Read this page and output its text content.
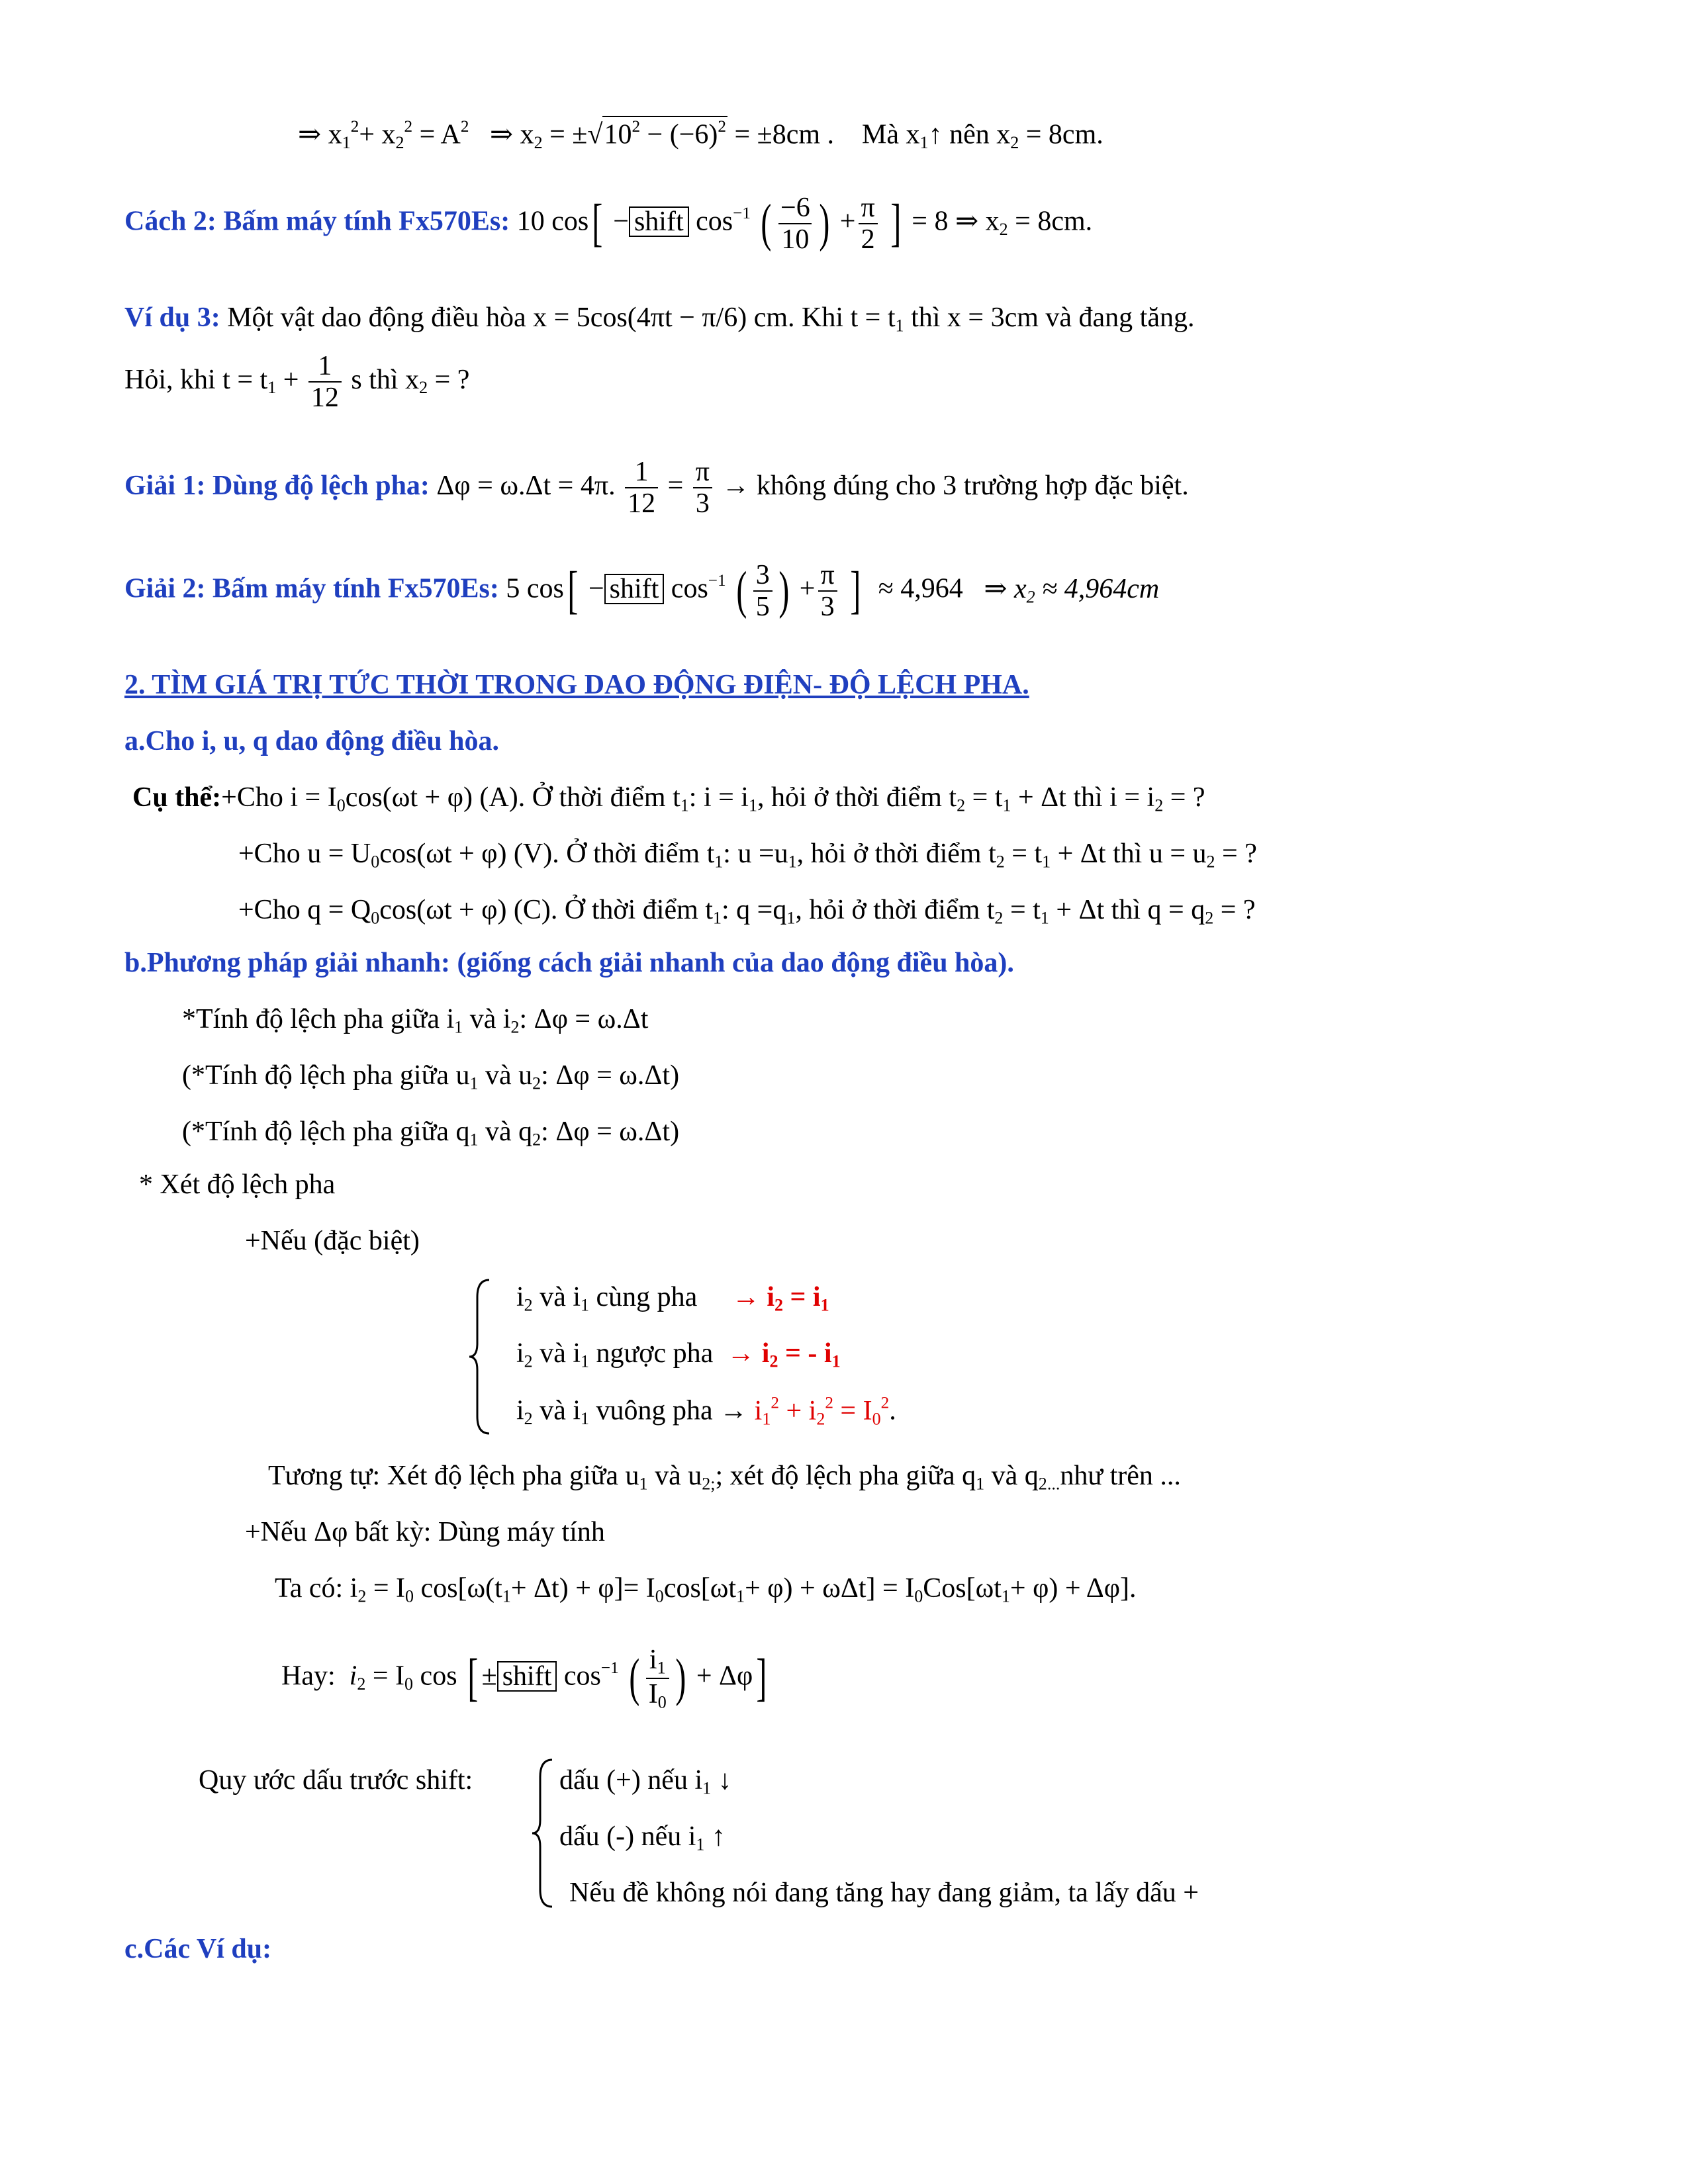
⇒ $x_1^2+ x_2^2 = A^2$ ⇒ $x_2 = \pm√10^2 - (-6)^2 = \pm 8cm$ . Mà $x_1↑$ nên $x_2 = 8cm$.
Cách 2: Bấm máy tính Fx570Es: 10 cos[ − shift $\cos^{-1}$ ( $\frac{-6}{10}$ ) + $\frac{\pi}{2}$ ] = 8 ⇒ $x_2 = 8cm$.
Ví dụ 3: Một vật dao động điều hòa x = 5cos(4πt − π/6) cm. Khi $t = t_1$ thì x = 3cm và đang tăng.
Hỏi, khi $t = t_1 + \frac{1}{12}$ s thì $x_2$ = ?
Giải 1: Dùng độ lệch pha: Δφ = ω.Δt = 4π. $\frac{1}{12} = \frac{\pi}{3}$ → không đúng cho 3 trường hợp đặc biệt.
Giải 2: Bấm máy tính Fx570Es: 5 cos[ − shift $\cos^{-1}$ ( $\frac{3}{5}$ ) + $\frac{\pi}{3}$ ] ≈ 4,964 ⇒ $x_2 \approx 4,964cm$
2. TÌM GIÁ TRỊ TỨC THỜI TRONG DAO ĐỘNG ĐIỆN- ĐỘ LỆCH PHA.
a.Cho i, u, q dao động điều hòa.
Cụ thể:+Cho $i = I_0\cos(\omega t + \varphi)$ (A). Ở thời điểm $t_1$: $i = i_1$, hỏi ở thời điểm $t_2 = t_1 + \Delta t$ thì $i = i_2$ = ?
+Cho $u = U_0\cos(\omega t + \varphi)$ (V). Ở thời điểm $t_1$: $u =u_1$, hỏi ở thời điểm $t_2 = t_1 + \Delta t$ thì $u = u_2$ = ?
+Cho $q = Q_0\cos(\omega t + \varphi)$ (C). Ở thời điểm $t_1$: $q =q_1$, hỏi ở thời điểm $t_2 = t_1 + \Delta t$ thì $q = q_2$ = ?
b.Phương pháp giải nhanh: (giống cách giải nhanh của dao động điều hòa).
*Tính độ lệch pha giữa $i_1$ và $i_2$: Δφ = ω.Δt
(*Tính độ lệch pha giữa $u_1$ và $u_2$: Δφ = ω.Δt)
(*Tính độ lệch pha giữa $q_1$ và $q_2$: Δφ = ω.Δt)
* Xét độ lệch pha
+Nếu (đặc biệt)
$i_2$ và $i_1$ cùng pha → $i_2 = i_1$
$i_2$ và $i_1$ ngược pha → $i_2$ = - $i_1$
$i_2$ và $i_1$ vuông pha → $i_1^2 + i_2^2 = I_0^2$.
Tương tự: Xét độ lệch pha giữa $u_1$ và $u_{2;}$; xét độ lệch pha giữa $q_1$ và $q_{2...}như$ trên ...
+Nếu Δφ bất kỳ: Dùng máy tính
Ta có: $i_2 = I_0$ $\cos[\omega(t_1+ \Delta t) + \varphi]= I_0\cos[\omega t_1+ \varphi) + \omega\Delta t] = I_0Cos[\omega t_1+ \varphi) + \Delta\varphi$].
Hay: $i_2 = I_0$ cos [ ± shift $\cos^{-1}$ ( $\frac{i_1}{I_0}$ ) + Δφ]
Quy ước dấu trước shift:	dấu (+) nếu $i_1$ ↓
dấu (-) nếu $i_1$ ↑
Nếu đề không nói đang tăng hay đang giảm, ta lấy dấu +
c.Các Ví dụ:
